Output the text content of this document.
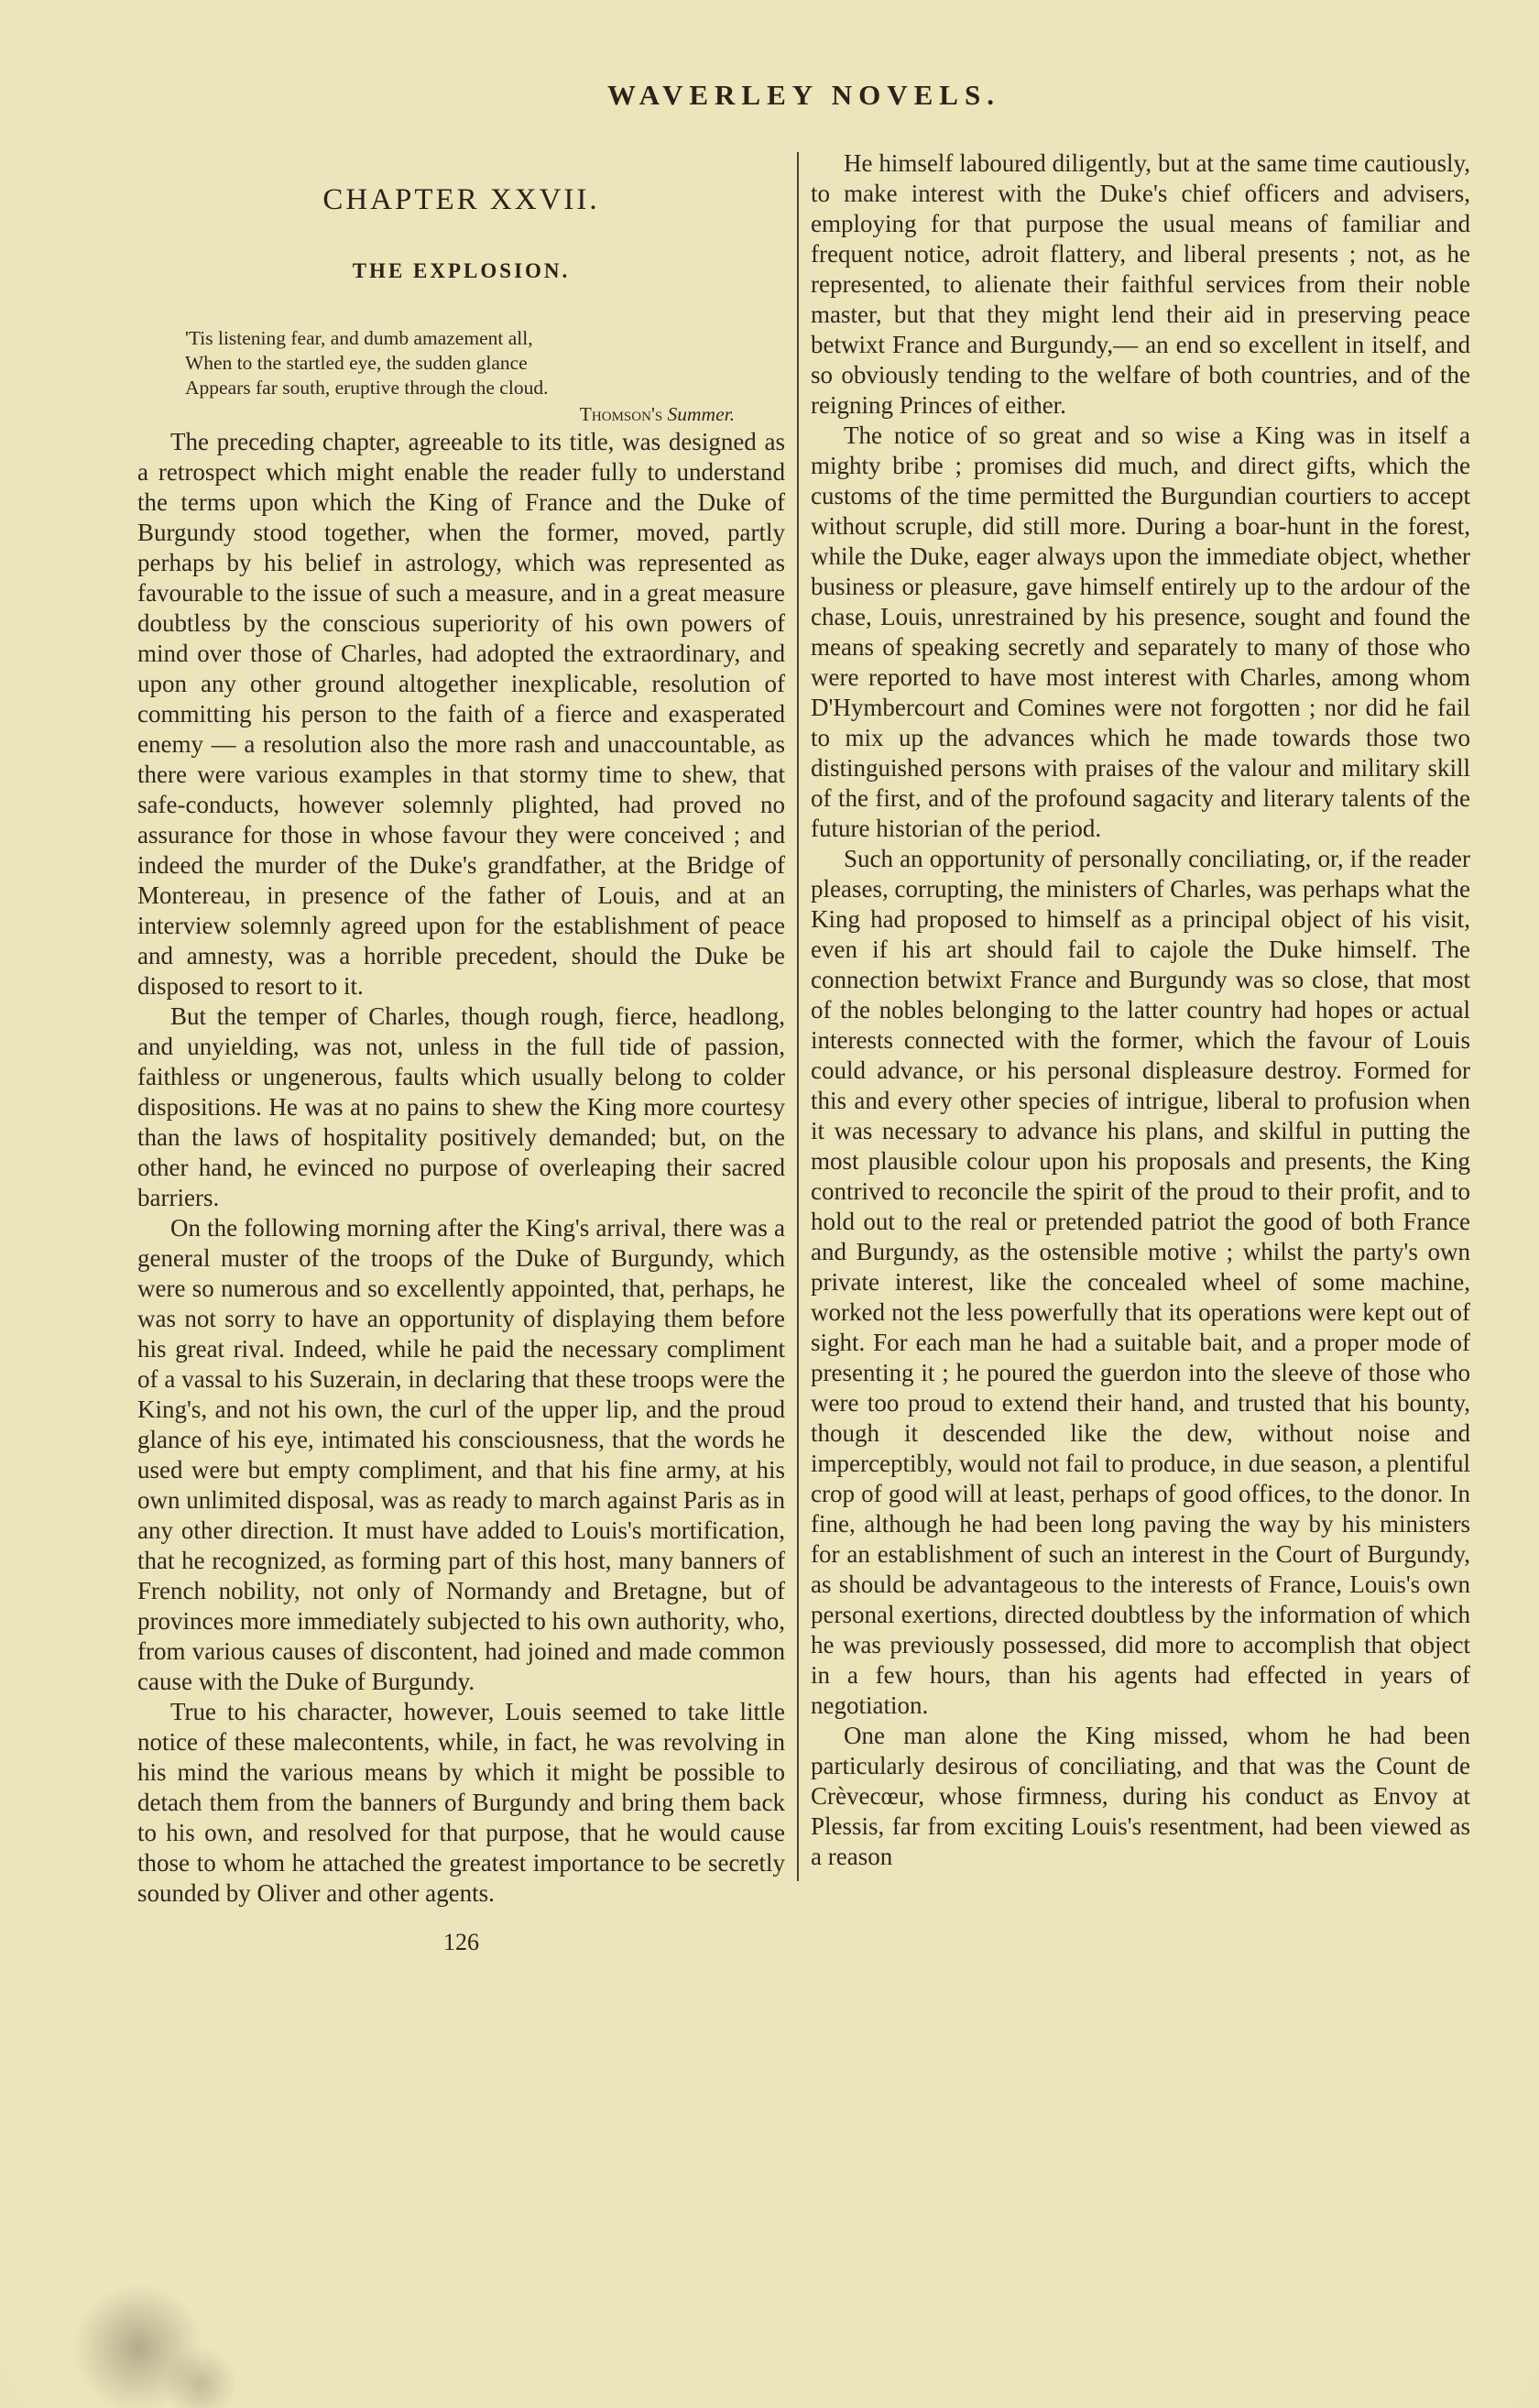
WAVERLEY NOVELS.
CHAPTER XXVII.
THE EXPLOSION.
'Tis listening fear, and dumb amazement all,
When to the startled eye, the sudden glance
Appears far south, eruptive through the cloud.
Thomson's Summer.

The preceding chapter, agreeable to its title, was designed as a retrospect which might enable the reader fully to understand the terms upon which the King of France and the Duke of Burgundy stood together, when the former, moved, partly perhaps by his belief in astrology, which was represented as favourable to the issue of such a measure, and in a great measure doubtless by the conscious superiority of his own powers of mind over those of Charles, had adopted the extraordinary, and upon any other ground altogether inexplicable, resolution of committing his person to the faith of a fierce and exasperated enemy — a resolution also the more rash and unaccountable, as there were various examples in that stormy time to shew, that safe-conducts, however solemnly plighted, had proved no assurance for those in whose favour they were conceived ; and indeed the murder of the Duke's grandfather, at the Bridge of Montereau, in presence of the father of Louis, and at an interview solemnly agreed upon for the establishment of peace and amnesty, was a horrible precedent, should the Duke be disposed to resort to it.

But the temper of Charles, though rough, fierce, headlong, and unyielding, was not, unless in the full tide of passion, faithless or ungenerous, faults which usually belong to colder dispositions. He was at no pains to shew the King more courtesy than the laws of hospitality positively demanded; but, on the other hand, he evinced no purpose of overleaping their sacred barriers.

On the following morning after the King's arrival, there was a general muster of the troops of the Duke of Burgundy, which were so numerous and so excellently appointed, that, perhaps, he was not sorry to have an opportunity of displaying them before his great rival. Indeed, while he paid the necessary compliment of a vassal to his Suzerain, in declaring that these troops were the King's, and not his own, the curl of the upper lip, and the proud glance of his eye, intimated his consciousness, that the words he used were but empty compliment, and that his fine army, at his own unlimited disposal, was as ready to march against Paris as in any other direction. It must have added to Louis's mortification, that he recognized, as forming part of this host, many banners of French nobility, not only of Normandy and Bretagne, but of provinces more immediately subjected to his own authority, who, from various causes of discontent, had joined and made common cause with the Duke of Burgundy.

True to his character, however, Louis seemed to take little notice of these malecontents, while, in fact, he was revolving in his mind the various means by which it might be possible to detach them from the banners of Burgundy and bring them back to his own, and resolved for that purpose, that he would cause those to whom he attached the greatest importance to be secretly sounded by Oliver and other agents.

He himself laboured diligently, but at the same time cautiously, to make interest with the Duke's chief officers and advisers, employing for that purpose the usual means of familiar and frequent notice, adroit flattery, and liberal presents ; not, as he represented, to alienate their faithful services from their noble master, but that they might lend their aid in preserving peace betwixt France and Burgundy,— an end so excellent in itself, and so obviously tending to the welfare of both countries, and of the reigning Princes of either.

The notice of so great and so wise a King was in itself a mighty bribe ; promises did much, and direct gifts, which the customs of the time permitted the Burgundian courtiers to accept without scruple, did still more. During a boar-hunt in the forest, while the Duke, eager always upon the immediate object, whether business or pleasure, gave himself entirely up to the ardour of the chase, Louis, unrestrained by his presence, sought and found the means of speaking secretly and separately to many of those who were reported to have most interest with Charles, among whom D'Hymbercourt and Comines were not forgotten ; nor did he fail to mix up the advances which he made towards those two distinguished persons with praises of the valour and military skill of the first, and of the profound sagacity and literary talents of the future historian of the period.

Such an opportunity of personally conciliating, or, if the reader pleases, corrupting, the ministers of Charles, was perhaps what the King had proposed to himself as a principal object of his visit, even if his art should fail to cajole the Duke himself. The connection betwixt France and Burgundy was so close, that most of the nobles belonging to the latter country had hopes or actual interests connected with the former, which the favour of Louis could advance, or his personal displeasure destroy. Formed for this and every other species of intrigue, liberal to profusion when it was necessary to advance his plans, and skilful in putting the most plausible colour upon his proposals and presents, the King contrived to reconcile the spirit of the proud to their profit, and to hold out to the real or pretended patriot the good of both France and Burgundy, as the ostensible motive ; whilst the party's own private interest, like the concealed wheel of some machine, worked not the less powerfully that its operations were kept out of sight. For each man he had a suitable bait, and a proper mode of presenting it ; he poured the guerdon into the sleeve of those who were too proud to extend their hand, and trusted that his bounty, though it descended like the dew, without noise and imperceptibly, would not fail to produce, in due season, a plentiful crop of good will at least, perhaps of good offices, to the donor. In fine, although he had been long paving the way by his ministers for an establishment of such an interest in the Court of Burgundy, as should be advantageous to the interests of France, Louis's own personal exertions, directed doubtless by the information of which he was previously possessed, did more to accomplish that object in a few hours, than his agents had effected in years of negotiation.

One man alone the King missed, whom he had been particularly desirous of conciliating, and that was the Count de Crèvecœur, whose firmness, during his conduct as Envoy at Plessis, far from exciting Louis's resentment, had been viewed as a reason

126
